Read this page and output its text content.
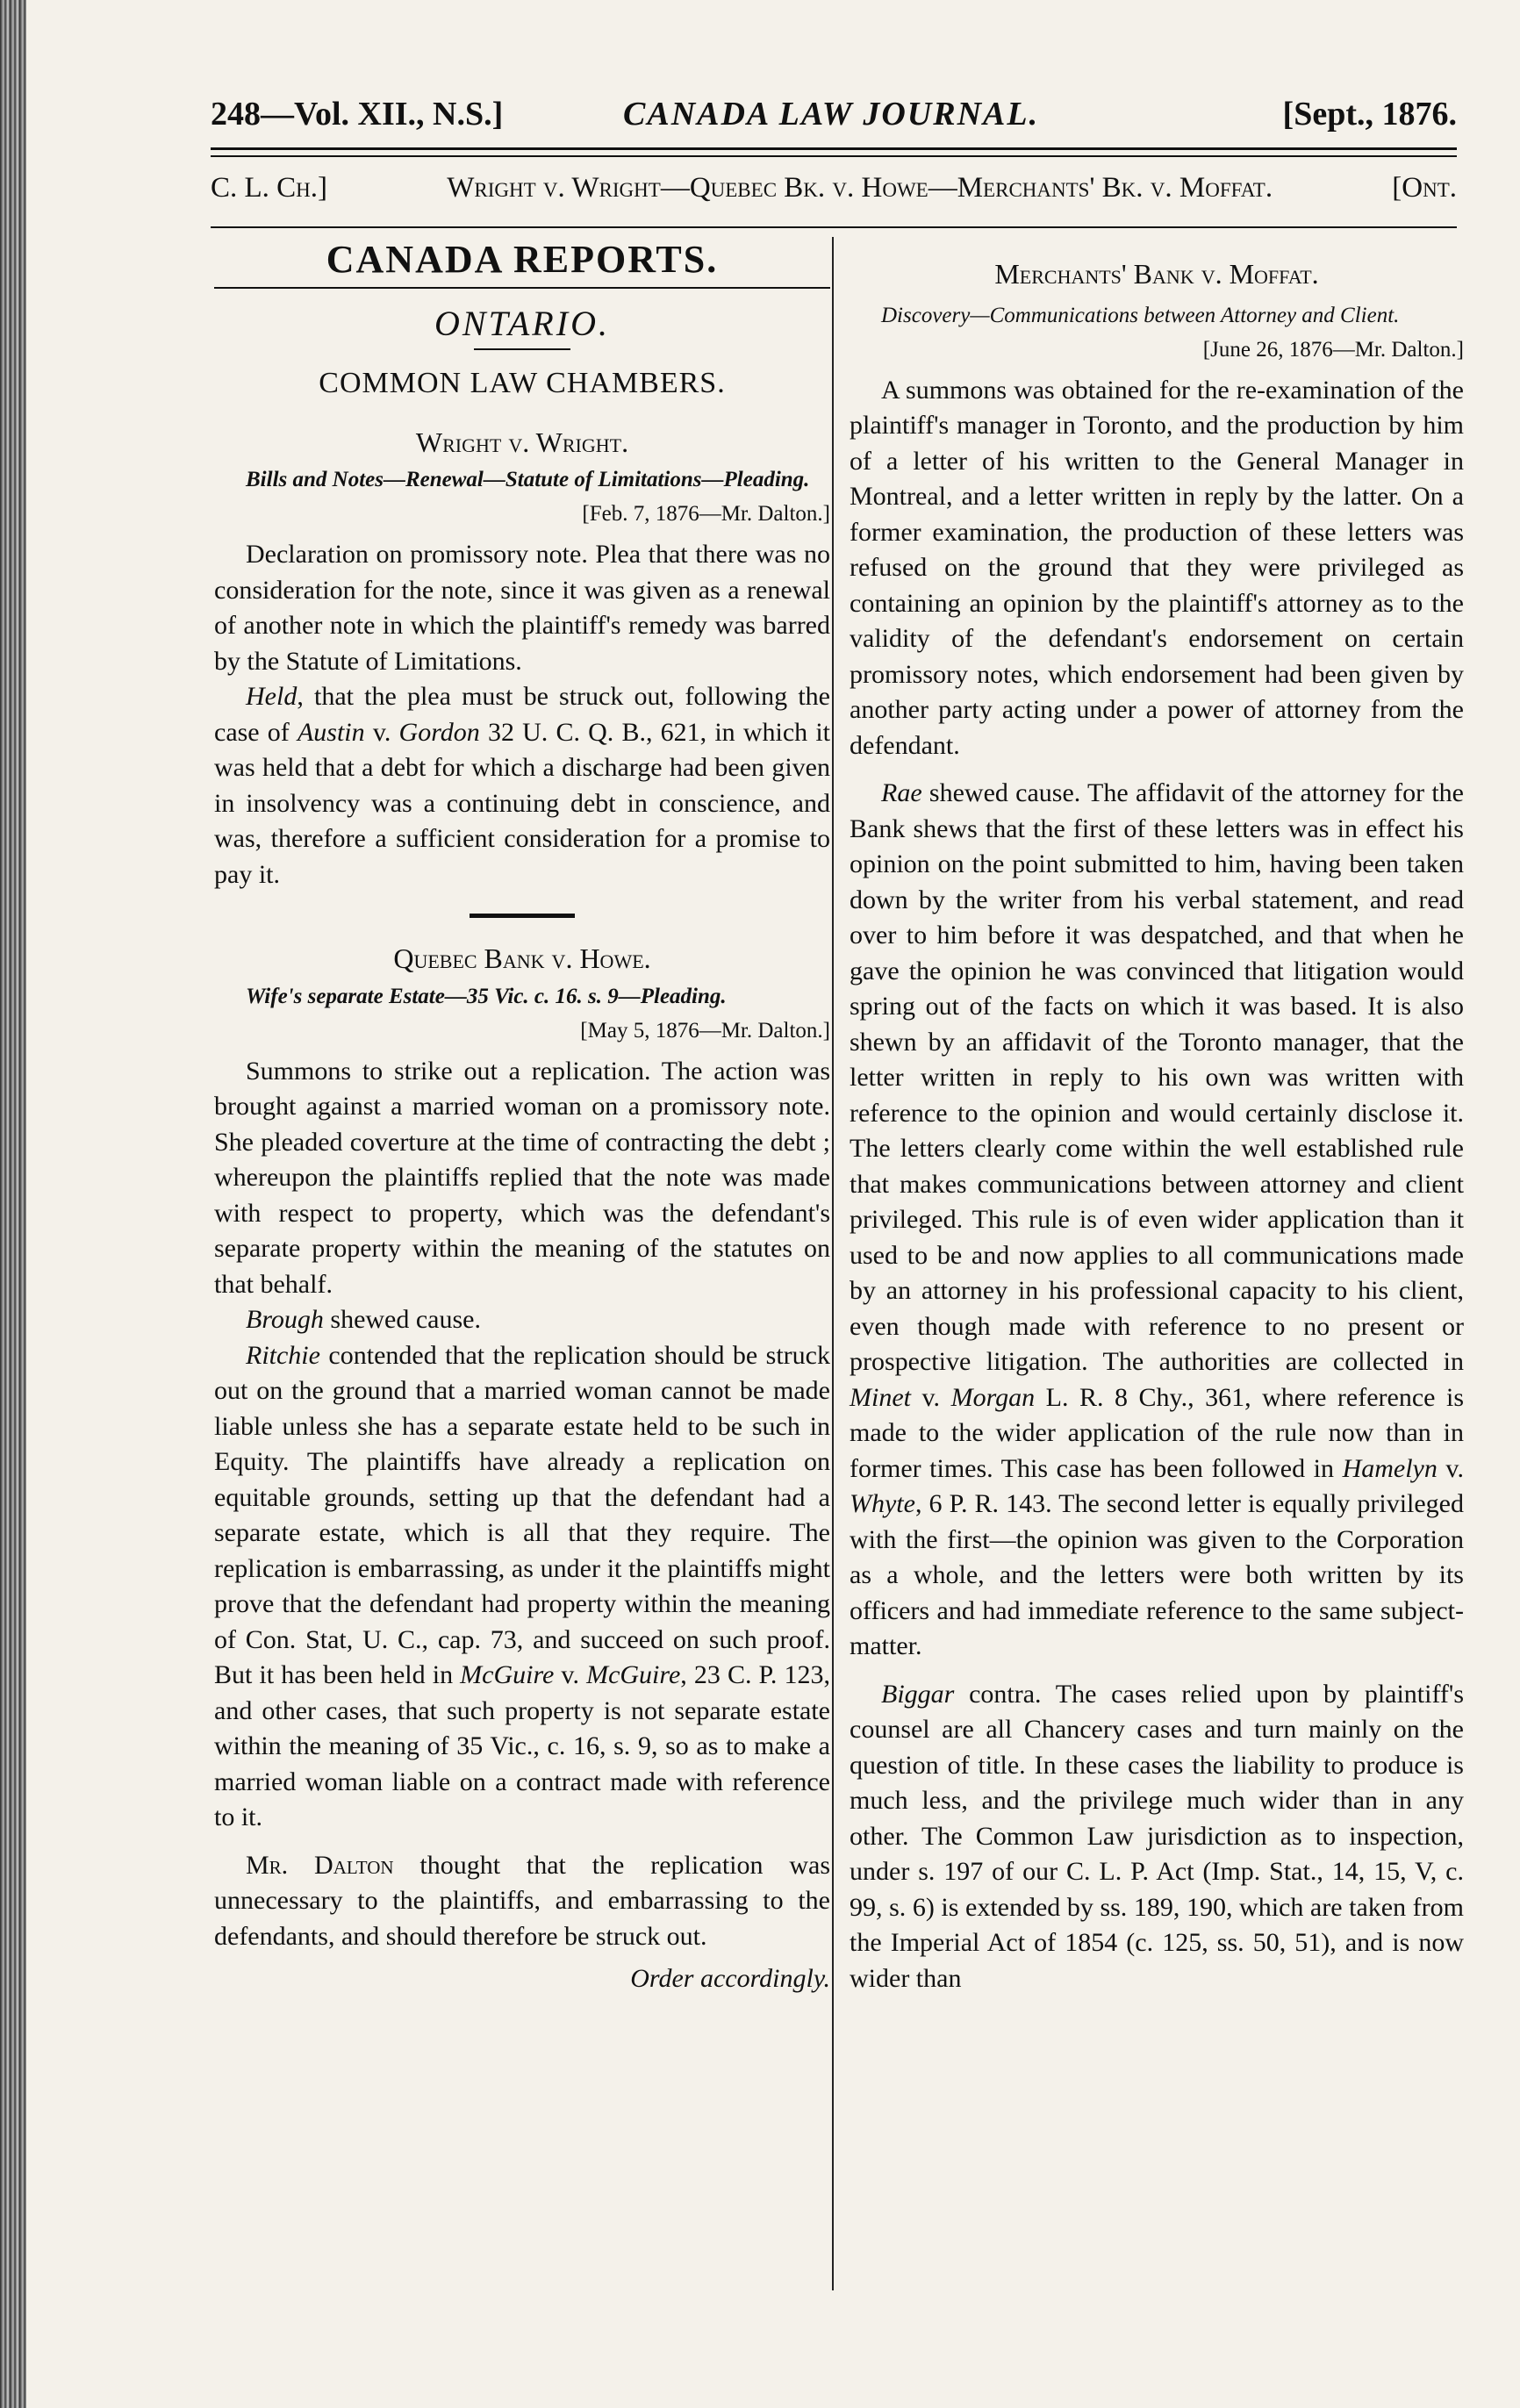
248—Vol. XII., N.S.]	CANADA LAW JOURNAL.	[Sept., 1876.
C. L. Ch.]	Wright v. Wright—Quebec Bk. v. Howe—Merchants' Bk. v. Moffat.	[Ont.
CANADA REPORTS.
ONTARIO.
COMMON LAW CHAMBERS.
Wright v. Wright.

Bills and Notes—Renewal—Statute of Limitations—Pleading.

[Feb. 7, 1876—Mr. Dalton.]

Declaration on promissory note. Plea that there was no consideration for the note, since it was given as a renewal of another note in which the plaintiff's remedy was barred by the Statute of Limitations.

Held, that the plea must be struck out, following the case of Austin v. Gordon 32 U. C. Q. B., 621, in which it was held that a debt for which a discharge had been given in insolvency was a continuing debt in conscience, and was, therefore a sufficient consideration for a promise to pay it.

Quebec Bank v. Howe.

Wife's separate Estate—35 Vic. c. 16. s. 9—Pleading.

[May 5, 1876—Mr. Dalton.]

Summons to strike out a replication. The action was brought against a married woman on a promissory note. She pleaded coverture at the time of contracting the debt ; whereupon the plaintiffs replied that the note was made with respect to property, which was the defendant's separate property within the meaning of the statutes on that behalf.

Brough shewed cause.

Ritchie contended that the replication should be struck out on the ground that a married woman cannot be made liable unless she has a separate estate held to be such in Equity. The plaintiffs have already a replication on equitable grounds, setting up that the defendant had a separate estate, which is all that they require. The replication is embarrassing, as under it the plaintiffs might prove that the defendant had property within the meaning of Con. Stat, U. C., cap. 73, and succeed on such proof. But it has been held in McGuire v. McGuire, 23 C. P. 123, and other cases, that such property is not separate estate within the meaning of 35 Vic., c. 16, s. 9, so as to make a married woman liable on a contract made with reference to it.

Mr. Dalton thought that the replication was unnecessary to the plaintiffs, and embarrassing to the defendants, and should therefore be struck out.

Order accordingly.
Merchants' Bank v. Moffat.

Discovery—Communications between Attorney and Client.

[June 26, 1876—Mr. Dalton.]

A summons was obtained for the re-examination of the plaintiff's manager in Toronto, and the production by him of a letter of his written to the General Manager in Montreal, and a letter written in reply by the latter. On a former examination, the production of these letters was refused on the ground that they were privileged as containing an opinion by the plaintiff's attorney as to the validity of the defendant's endorsement on certain promissory notes, which endorsement had been given by another party acting under a power of attorney from the defendant.

Rae shewed cause. The affidavit of the attorney for the Bank shews that the first of these letters was in effect his opinion on the point submitted to him, having been taken down by the writer from his verbal statement, and read over to him before it was despatched, and that when he gave the opinion he was convinced that litigation would spring out of the facts on which it was based. It is also shewn by an affidavit of the Toronto manager, that the letter written in reply to his own was written with reference to the opinion and would certainly disclose it. The letters clearly come within the well established rule that makes communications between attorney and client privileged. This rule is of even wider application than it used to be and now applies to all communications made by an attorney in his professional capacity to his client, even though made with reference to no present or prospective litigation. The authorities are collected in Minet v. Morgan L. R. 8 Chy., 361, where reference is made to the wider application of the rule now than in former times. This case has been followed in Hamelyn v. Whyte, 6 P. R. 143. The second letter is equally privileged with the first—the opinion was given to the Corporation as a whole, and the letters were both written by its officers and had immediate reference to the same subject-matter.

Biggar contra. The cases relied upon by plaintiff's counsel are all Chancery cases and turn mainly on the question of title. In these cases the liability to produce is much less, and the privilege much wider than in any other. The Common Law jurisdiction as to inspection, under s. 197 of our C. L. P. Act (Imp. Stat., 14, 15, V, c. 99, s. 6) is extended by ss. 189, 190, which are taken from the Imperial Act of 1854 (c. 125, ss. 50, 51), and is now wider than
